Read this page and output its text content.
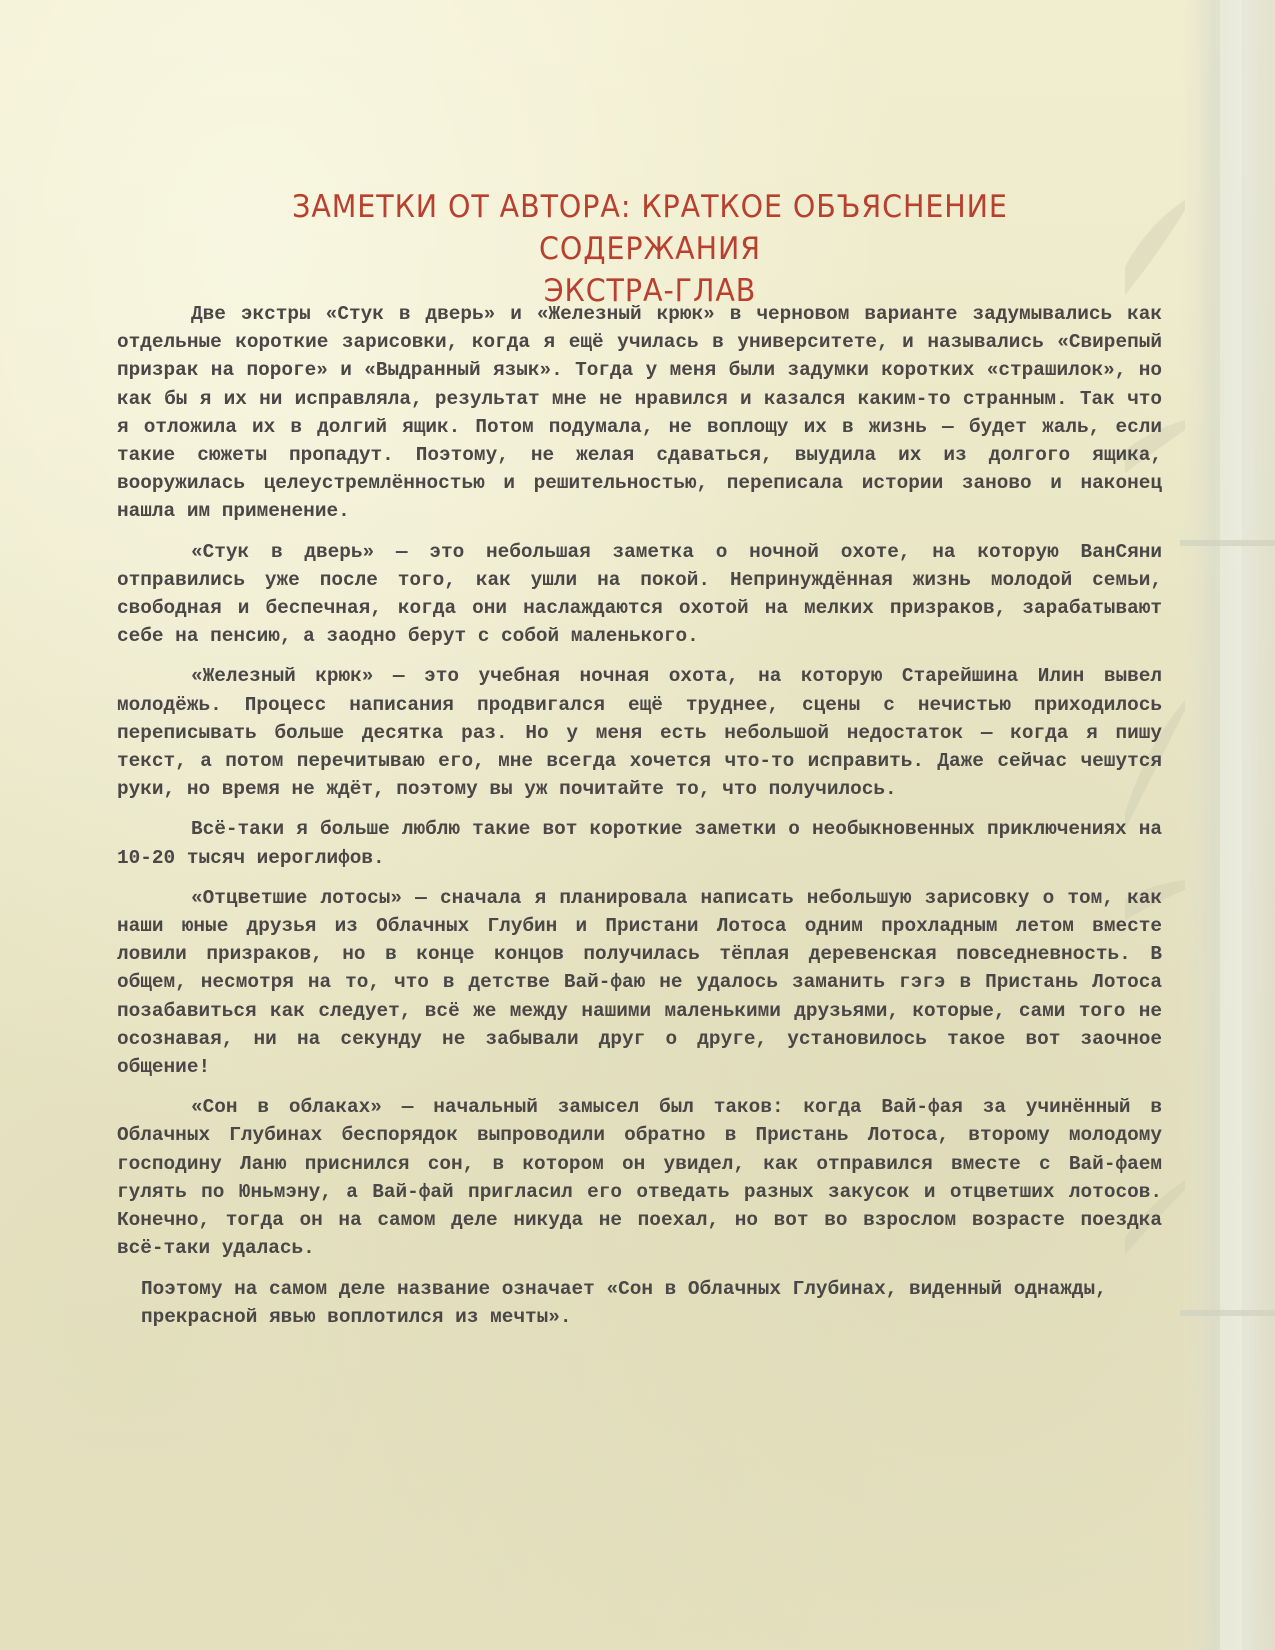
ЗАМЕТКИ ОТ АВТОРА: КРАТКОЕ ОБЪЯСНЕНИЕ СОДЕРЖАНИЯ
ЭКСТРА-ГЛАВ

Две экстры «Стук в дверь» и «Железный крюк» в черновом варианте задумывались как отдельные короткие зарисовки, когда я ещё училась в университете, и назывались «Свирепый призрак на пороге» и «Выдранный язык». Тогда у меня были задумки коротких «страшилок», но как бы я их ни исправляла, результат мне не нравился и казался каким-то странным. Так что я отложила их в долгий ящик. Потом подумала, не воплощу их в жизнь — будет жаль, если такие сюжеты пропадут. Поэтому, не желая сдаваться, выудила их из долгого ящика, вооружилась целеустремлённостью и решительностью, переписала истории заново и наконец нашла им применение.

«Стук в дверь» — это небольшая заметка о ночной охоте, на которую ВанСяни отправились уже после того, как ушли на покой. Непринуждённая жизнь молодой семьи, свободная и беспечная, когда они наслаждаются охотой на мелких призраков, зарабатывают себе на пенсию, а заодно берут с собой маленького.

«Железный крюк» — это учебная ночная охота, на которую Старейшина Илин вывел молодёжь. Процесс написания продвигался ещё труднее, сцены с нечистью приходилось переписывать больше десятка раз. Но у меня есть небольшой недостаток — когда я пишу текст, а потом перечитываю его, мне всегда хочется что-то исправить. Даже сейчас чешутся руки, но время не ждёт, поэтому вы уж почитайте то, что получилось.

Всё-таки я больше люблю такие вот короткие заметки о необыкновенных приключениях на 10-20 тысяч иероглифов.

«Отцветшие лотосы» — сначала я планировала написать небольшую зарисовку о том, как наши юные друзья из Облачных Глубин и Пристани Лотоса одним прохладным летом вместе ловили призраков, но в конце концов получилась тёплая деревенская повседневность. В общем, несмотря на то, что в детстве Вай-фаю не удалось заманить гэгэ в Пристань Лотоса позабавиться как следует, всё же между нашими маленькими друзьями, которые, сами того не осознавая, ни на секунду не забывали друг о друге, установилось такое вот заочное общение!

«Сон в облаках» — начальный замысел был таков: когда Вай-фая за учинённый в Облачных Глубинах беспорядок выпроводили обратно в Пристань Лотоса, второму молодому господину Ланю приснился сон, в котором он увидел, как отправился вместе с Вай-фаем гулять по Юньмэну, а Вай-фай пригласил его отведать разных закусок и отцветших лотосов. Конечно, тогда он на самом деле никуда не поехал, но вот во взрослом возрасте поездка всё-таки удалась.

Поэтому на самом деле название означает «Сон в Облачных Глубинах, виденный однажды, прекрасной явью воплотился из мечты».
